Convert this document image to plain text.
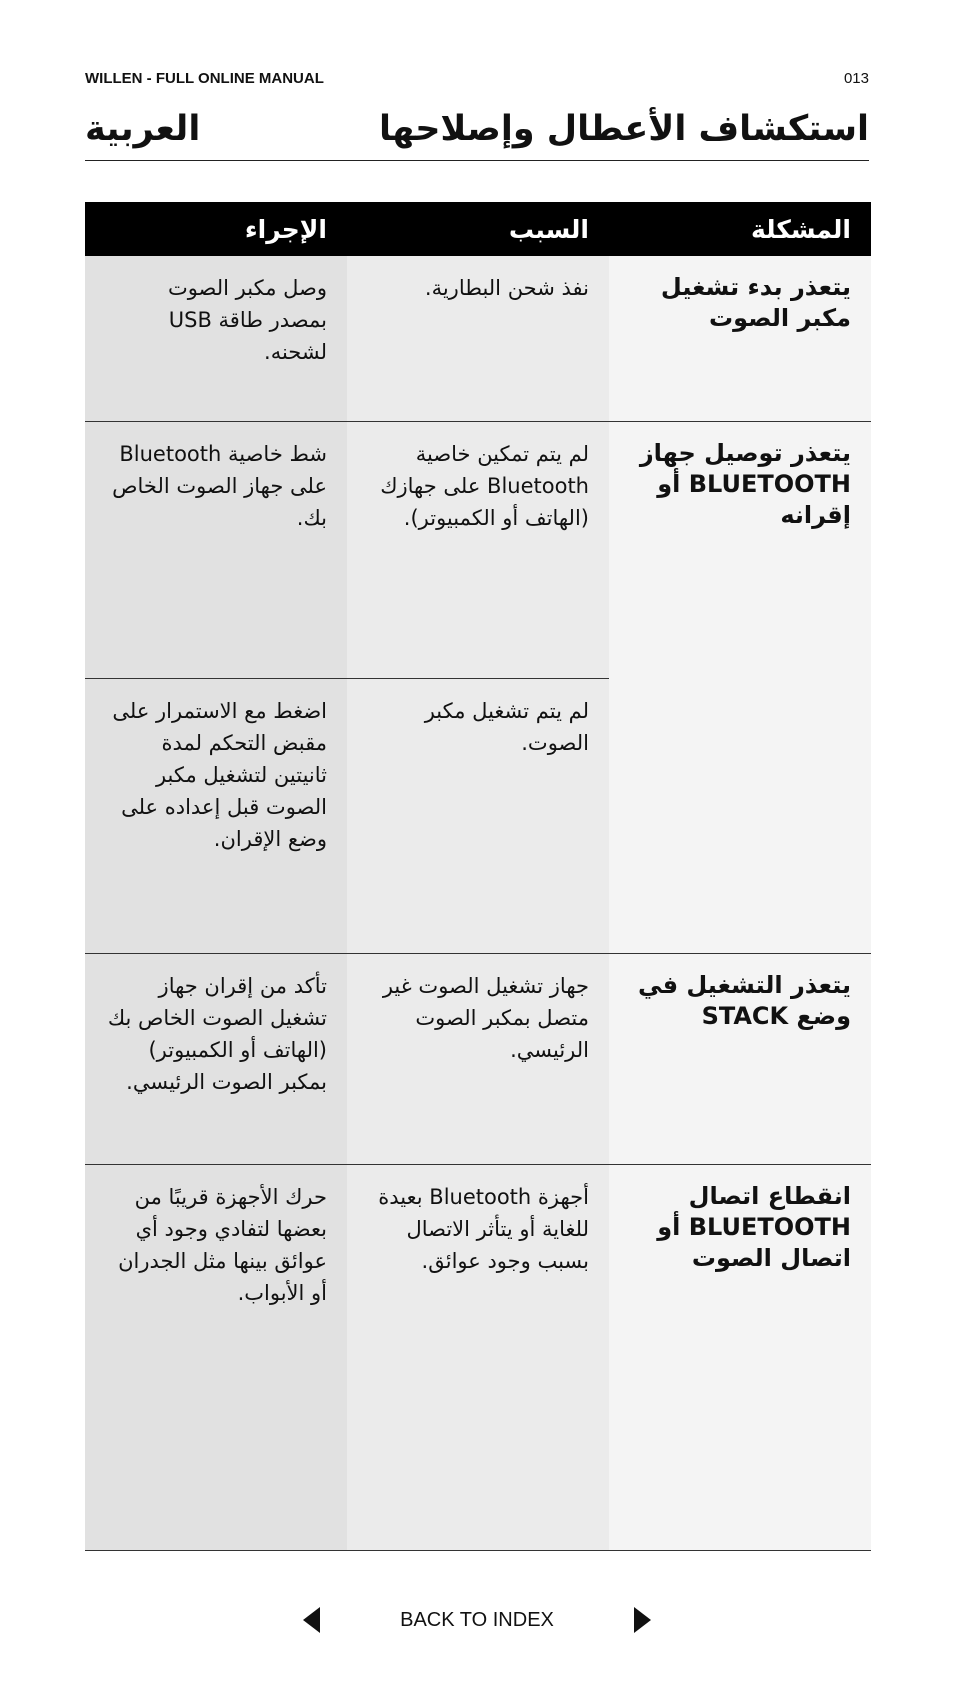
WILLEN - FULL ONLINE MANUAL	013
العربية	استكشاف الأعطال وإصلاحها
المشكلة	السبب	الإجراء
يتعذر بدء تشغيل مكبر الصوت	نفذ شحن البطارية.	وصل مكبر الصوت بمصدر طاقة USB لشحنه.
يتعذر توصيل جهاز BLUETOOTH أو إقرانه	لم يتم تمكين خاصية Bluetooth على جهازك (الهاتف أو الكمبيوتر).	شط خاصية Bluetooth على جهاز الصوت الخاص بك.
	لم يتم تشغيل مكبر الصوت.	اضغط مع الاستمرار على مقبض التحكم لمدة ثانيتين لتشغيل مكبر الصوت قبل إعداده على وضع الإقران.
يتعذر التشغيل في وضع STACK	جهاز تشغيل الصوت غير متصل بمكبر الصوت الرئيسي.	تأكد من إقران جهاز تشغيل الصوت الخاص بك (الهاتف أو الكمبيوتر) بمكبر الصوت الرئيسي.
انقطاع اتصال BLUETOOTH أو اتصال الصوت	أجهزة Bluetooth بعيدة للغاية أو يتأثر الاتصال بسبب وجود عوائق.	حرك الأجهزة قريبًا من بعضها لتفادي وجود أي عوائق بينها مثل الجدران أو الأبواب.
BACK TO INDEX
